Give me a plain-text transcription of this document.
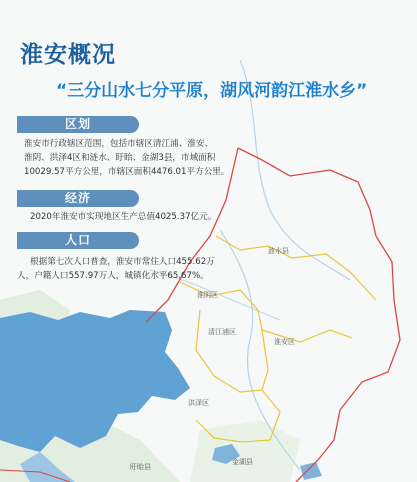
淮安概况
“三分山水七分平原，湖风河韵江淮水乡”
区划
淮安市行政辖区范围，包括市辖区清江浦、淮安、
淮阴、洪泽4区和涟水、盱眙、金湖3县，市域面积
10029.57平方公里，市辖区面积4476.01平方公里。
经济
2020年淮安市实现地区生产总值4025.37亿元。
人口
根据第七次人口普查，淮安市常住人口455.62万
人，户籍人口557.97万人，城镇化水平65.67%。
涟水县
淮阴区
清江浦区
淮安区
洪泽区
盱眙县
金湖县
